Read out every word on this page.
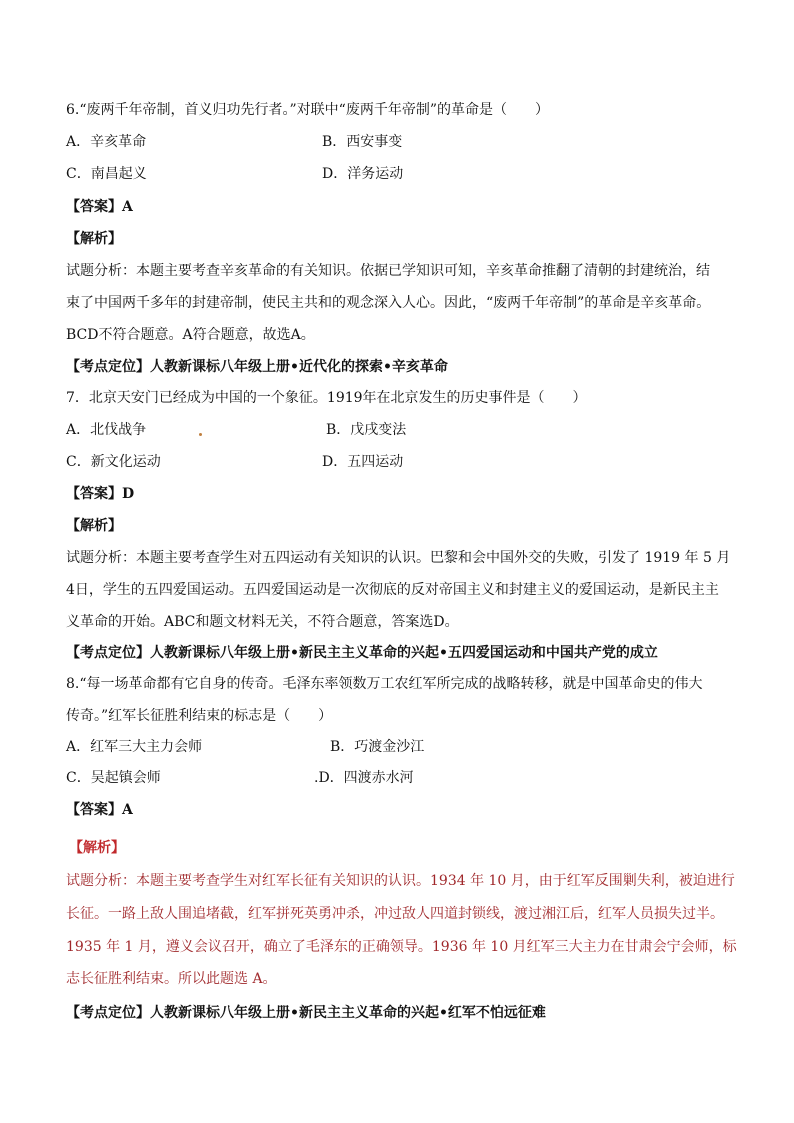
6.“废两千年帝制，首义归功先行者。”对联中“废两千年帝制”的革命是（　　）
A．辛亥革命	B．西安事变
C．南昌起义	D．洋务运动
【答案】A
【解析】
试题分析：本题主要考查辛亥革命的有关知识。依据已学知识可知，辛亥革命推翻了清朝的封建统治，结
束了中国两千多年的封建帝制，使民主共和的观念深入人心。因此，“废两千年帝制”的革命是辛亥革命。
BCD不符合题意。A符合题意，故选A。
【考点定位】人教新课标八年级上册•近代化的探索•辛亥革命
7．北京天安门已经成为中国的一个象征。1919年在北京发生的历史事件是（　　）
A．北伐战争	B．戊戌变法
C．新文化运动	D．五四运动
【答案】D
【解析】
试题分析：本题主要考查学生对五四运动有关知识的认识。巴黎和会中国外交的失败，引发了 1919 年 5 月
4日，学生的五四爱国运动。五四爱国运动是一次彻底的反对帝国主义和封建主义的爱国运动，是新民主主
义革命的开始。ABC和题文材料无关，不符合题意，答案选D。
【考点定位】人教新课标八年级上册•新民主主义革命的兴起•五四爱国运动和中国共产党的成立
8.“每一场革命都有它自身的传奇。毛泽东率领数万工农红军所完成的战略转移，就是中国革命史的伟大
传奇。”红军长征胜利结束的标志是（　　）
A．红军三大主力会师	B．巧渡金沙江
C．吴起镇会师	.D．四渡赤水河
【答案】A
【解析】
试题分析：本题主要考查学生对红军长征有关知识的认识。1934 年 10 月，由于红军反围剿失利，被迫进行
长征。一路上敌人围追堵截，红军拼死英勇冲杀，冲过敌人四道封锁线，渡过湘江后，红军人员损失过半。
1935 年 1 月，遵义会议召开，确立了毛泽东的正确领导。1936 年 10 月红军三大主力在甘肃会宁会师，标
志长征胜利结束。所以此题选 A。
【考点定位】人教新课标八年级上册•新民主主义革命的兴起•红军不怕远征难
